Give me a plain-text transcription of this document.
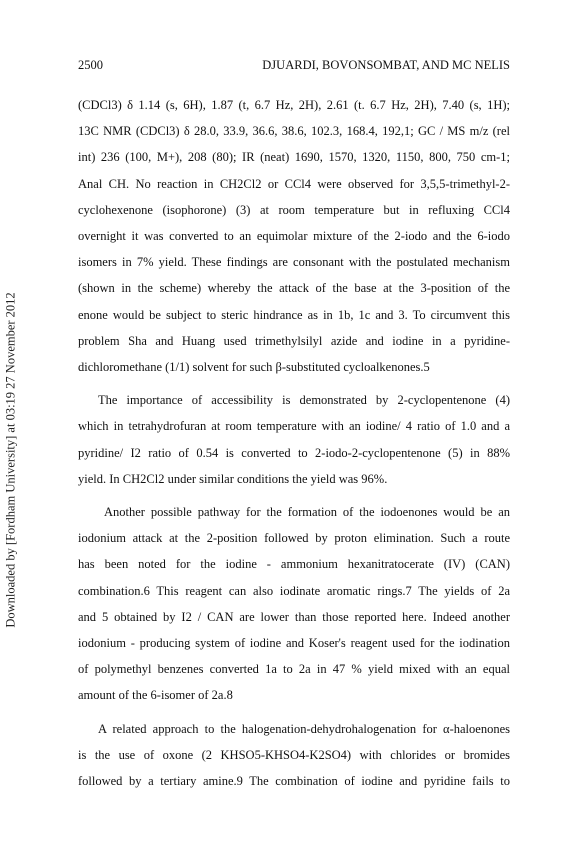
Downloaded by [Fordham University] at 03:19 27 November 2012
2500	DJUARDI, BOVONSOMBAT, AND MC NELIS
(CDCl3) δ 1.14 (s, 6H), 1.87 (t, 6.7 Hz, 2H), 2.61 (t. 6.7 Hz, 2H), 7.40 (s, 1H);
13C NMR (CDCl3) δ 28.0, 33.9, 36.6, 38.6, 102.3, 168.4, 192,1; GC / MS m/z (rel
int) 236 (100, M+), 208 (80); IR (neat) 1690, 1570, 1320, 1150, 800, 750 cm-1;
Anal CH. No reaction in CH2Cl2 or CCl4 were observed for 3,5,5-trimethyl-2-
cyclohexenone (isophorone) (3) at room temperature but in refluxing CCl4
overnight it was converted to an equimolar mixture of the 2-iodo and the 6-iodo
isomers in 7% yield. These findings are consonant with the postulated mechanism
(shown in the scheme) whereby the attack of the base at the 3-position of the
enone would be subject to steric hindrance as in 1b, 1c and 3. To circumvent this
problem Sha and Huang used trimethylsilyl azide and iodine in a pyridine-
dichloromethane (1/1) solvent for such β-substituted cycloalkenones.5
The importance of accessibility is demonstrated by 2-cyclopentenone (4)
which in tetrahydrofuran at room temperature with an iodine/ 4 ratio of 1.0 and a
pyridine/ I2 ratio of 0.54 is converted to 2-iodo-2-cyclopentenone (5) in 88%
yield. In CH2Cl2 under similar conditions the yield was 96%.
Another possible pathway for the formation of the iodoenones would be an
iodonium attack at the 2-position followed by proton elimination. Such a route
has been noted for the iodine - ammonium hexanitratocerate (IV) (CAN)
combination.6 This reagent can also iodinate aromatic rings.7 The yields of 2a
and 5 obtained by I2 / CAN are lower than those reported here. Indeed another
iodonium - producing system of iodine and Koser's reagent used for the iodination
of polymethyl benzenes converted 1a to 2a in 47 % yield mixed with an equal
amount of the 6-isomer of 2a.8
A related approach to the halogenation-dehydrohalogenation for α-haloenones
is the use of oxone (2 KHSO5-KHSO4-K2SO4) with chlorides or bromides
followed by a tertiary amine.9 The combination of iodine and pyridine fails to
